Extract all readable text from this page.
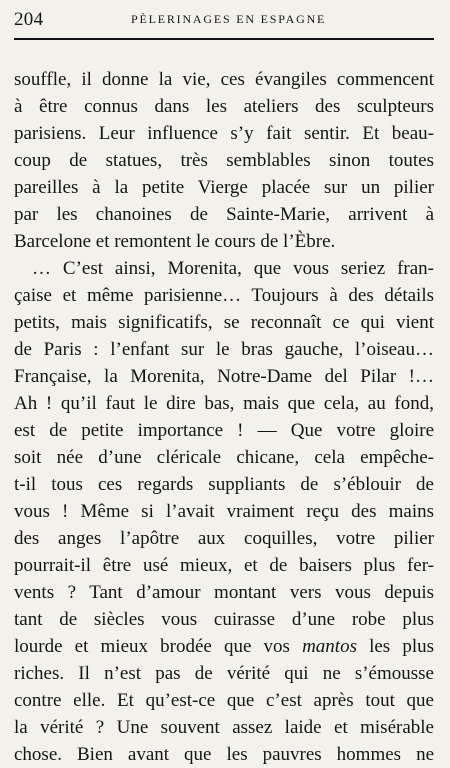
204	PÈLERINAGES EN ESPAGNE
souffle, il donne la vie, ces évangiles commencent
à être connus dans les ateliers des sculpteurs
parisiens. Leur influence s’y fait sentir. Et beau-
coup de statues, très semblables sinon toutes
pareilles à la petite Vierge placée sur un pilier
par les chanoines de Sainte-Marie, arrivent à
Barcelone et remontent le cours de l’Èbre.
… C’est ainsi, Morenita, que vous seriez fran-
çaise et même parisienne… Toujours à des détails
petits, mais significatifs, se reconnaît ce qui vient
de Paris : l’enfant sur le bras gauche, l’oiseau…
Française, la Morenita, Notre-Dame del Pilar !…
Ah ! qu’il faut le dire bas, mais que cela, au fond,
est de petite importance ! — Que votre gloire
soit née d’une cléricale chicane, cela empêche-
t-il tous ces regards suppliants de s’éblouir de
vous ! Même si l’avait vraiment reçu des mains
des anges l’apôtre aux coquilles, votre pilier
pourrait-il être usé mieux, et de baisers plus fer-
vents ? Tant d’amour montant vers vous depuis
tant de siècles vous cuirasse d’une robe plus
lourde et mieux brodée que vos mantos les plus
riches. Il n’est pas de vérité qui ne s’émousse
contre elle. Et qu’est-ce que c’est après tout que
la vérité ? Une souvent assez laide et misérable
chose. Bien avant que les pauvres hommes ne
